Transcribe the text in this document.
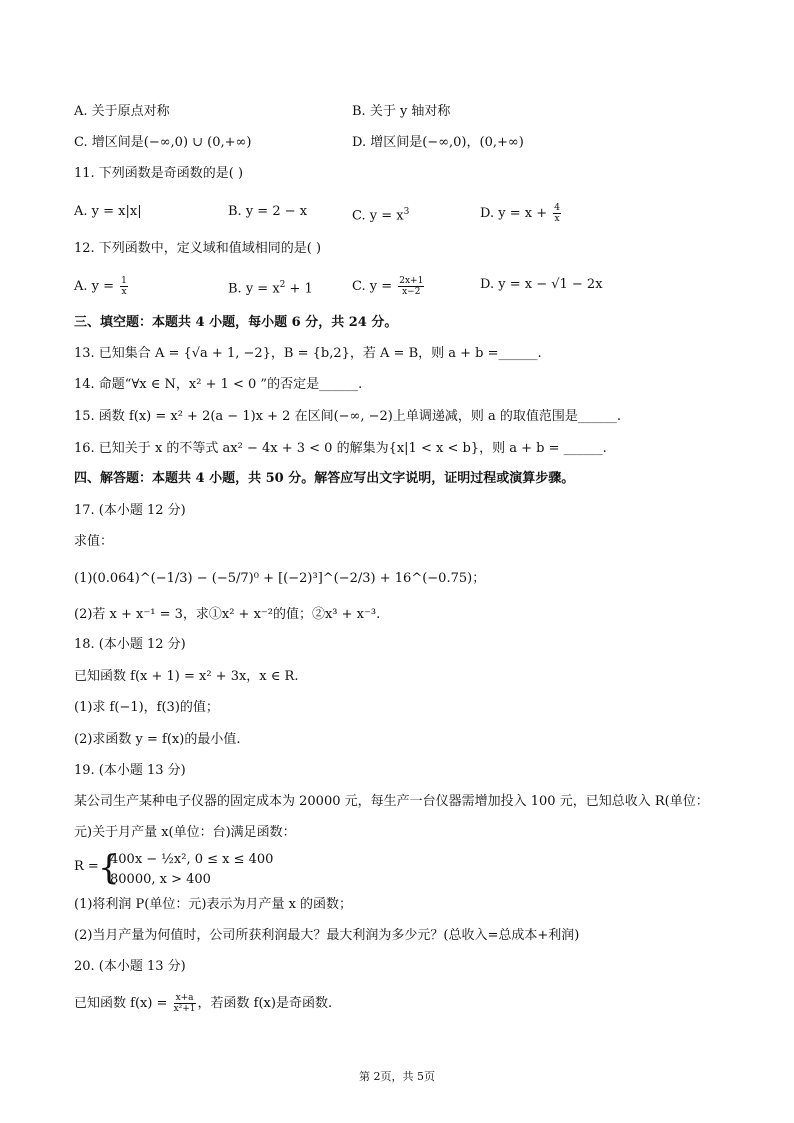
A. 关于原点对称	B. 关于 y 轴对称
C. 增区间是(−∞,0) ∪ (0,+∞)	D. 增区间是(−∞,0)，(0,+∞)
11. 下列函数是奇函数的是( )
A. y = x|x|	B. y = 2 − x	C. $y = x^3$	D. $y = x + \frac{4}{x}$
12. 下列函数中，定义域和值域相同的是( )
A. $y = \frac{1}{x}$	B. $y = x^2 + 1$	C. $y = \frac{2x+1}{x-2}$	D. y = x − √1 − 2x
三、填空题：本题共 4 小题，每小题 6 分，共 24 分。
13. 已知集合 A = {√a + 1, −2}，B = {b,2}，若 A = B，则 a + b =______.
14. 命题“∀x ∈ N，x² + 1 < 0 ”的否定是______.
15. 函数 f(x) = x² + 2(a − 1)x + 2 在区间(−∞, −2)上单调递减，则 a 的取值范围是______.
16. 已知关于 x 的不等式 ax² − 4x + 3 < 0 的解集为{x|1 < x < b}，则 a + b = ______.
四、解答题：本题共 4 小题，共 50 分。解答应写出文字说明，证明过程或演算步骤。
17. (本小题 12 分)
求值：
(1)(0.064)^(−1/3) − (−5/7)⁰ + [(−2)³]^(−2/3) + 16^(−0.75)；
(2)若 x + x⁻¹ = 3，求①x² + x⁻²的值；②x³ + x⁻³.
18. (本小题 12 分)
已知函数 f(x + 1) = x² + 3x，x ∈ R.
(1)求 f(−1)，f(3)的值；
(2)求函数 y = f(x)的最小值.
19. (本小题 13 分)
某公司生产某种电子仪器的固定成本为 20000 元，每生产一台仪器需增加投入 100 元，已知总收入 R(单位：
元)关于月产量 x(单位：台)满足函数：
R = {
400x − ½x², 0 ≤ x ≤ 400
80000, x > 400
(1)将利润 P(单位：元)表示为月产量 x 的函数；
(2)当月产量为何值时，公司所获利润最大？最大利润为多少元？(总收入=总成本+利润)
20. (本小题 13 分)
已知函数 $f(x) = \frac{x+a}{\text{x²+1}}$ ，若函数 f(x)是奇函数.
第 2页，共 5页
